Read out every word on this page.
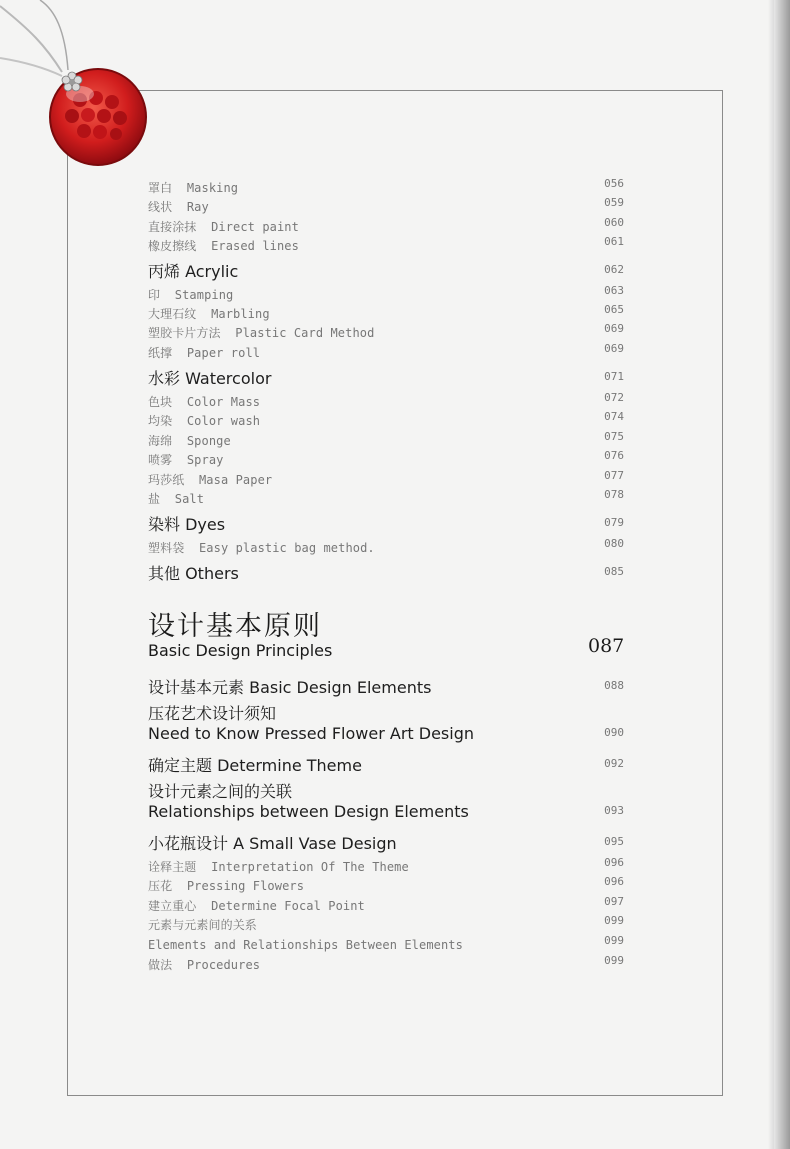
罩白 Masking	056
线状 Ray	059
直接涂抹 Direct paint	060
橡皮擦线 Erased lines	061
丙烯 Acrylic	062
印 Stamping	063
大理石纹 Marbling	065
塑胶卡片方法 Plastic Card Method	069
纸撑 Paper roll	069
水彩 Watercolor	071
色块 Color Mass	072
均染 Color wash	074
海绵 Sponge	075
喷雾 Spray	076
玛莎纸 Masa Paper	077
盐 Salt	078
染料 Dyes	079
塑料袋 Easy plastic bag method.	080
其他 Others	085
设计基本原则
Basic Design Principles	087
设计基本元素 Basic Design Elements	088
压花艺术设计须知
Need to Know Pressed Flower Art Design	090
确定主题 Determine Theme	092
设计元素之间的关联
Relationships between Design Elements	093
小花瓶设计 A Small Vase Design	095
诠释主题 Interpretation Of The Theme	096
压花 Pressing Flowers	096
建立重心 Determine Focal Point	097
元素与元素间的关系	099
Elements and Relationships Between Elements	099
做法 Procedures	099
